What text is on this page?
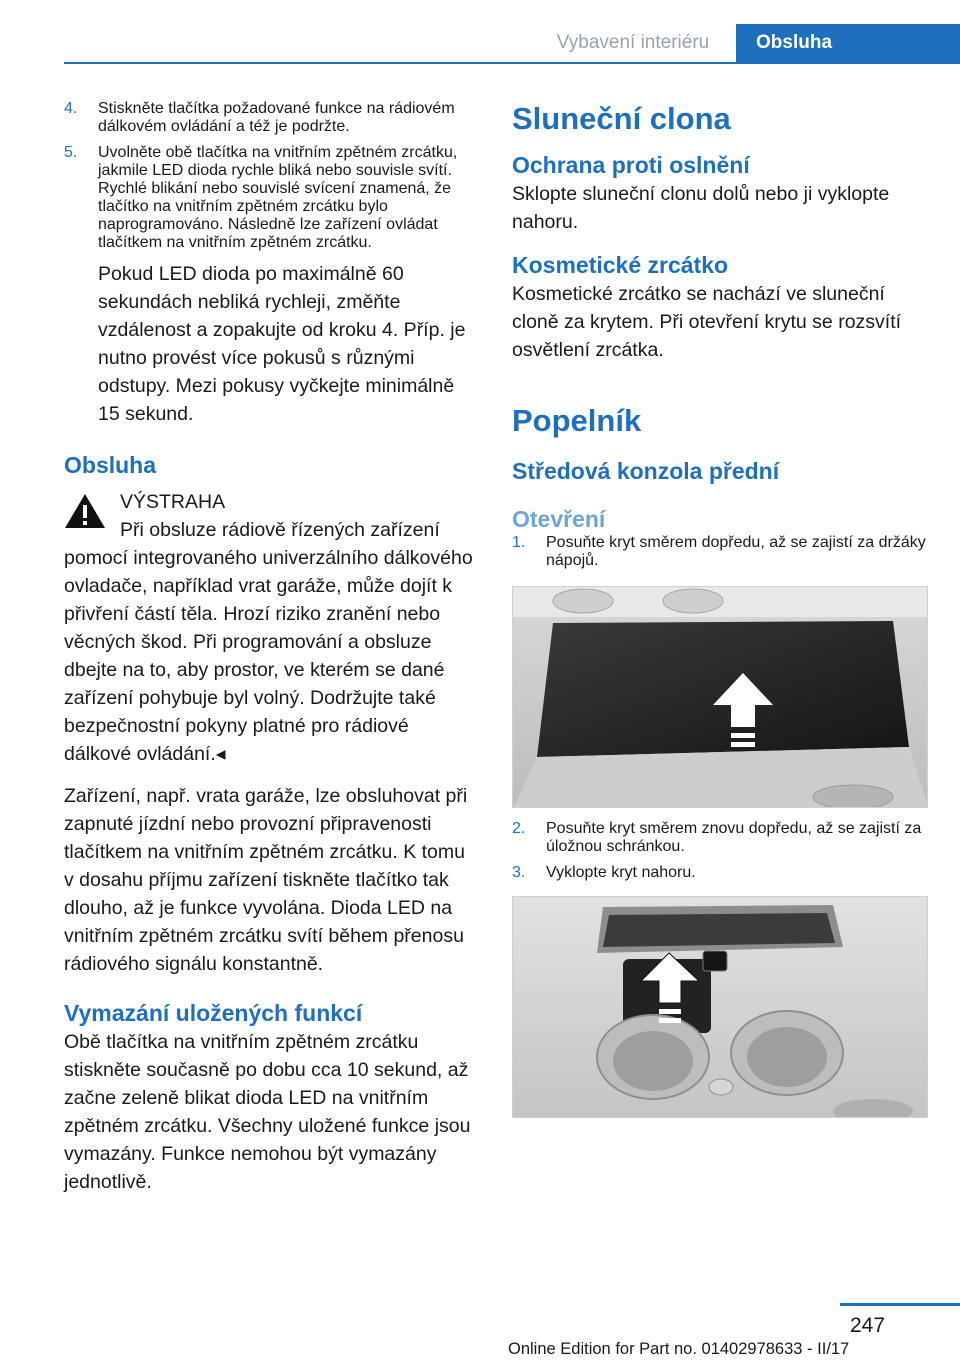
Vybavení interiéru	Obsluha
4.	Stiskněte tlačítka požadované funkce na rádiovém dálkovém ovládání a též je podržte.
5.	Uvolněte obě tlačítka na vnitřním zpětném zrcátku, jakmile LED dioda rychle bliká nebo souvisle svítí. Rychlé blikání nebo souvislé svícení znamená, že tlačítko na vnitřním zpětném zrcátku bylo naprogramováno. Následně lze zařízení ovládat tlačítkem na vnitřním zpětném zrcátku.

Pokud LED dioda po maximálně 60 sekundách nebliká rychleji, změňte vzdálenost a zopakujte od kroku 4. Příp. je nutno provést více pokusů s různými odstupy. Mezi pokusy vyčkejte minimálně 15 sekund.

Obsluha

VÝSTRAHA

Při obsluze rádiově řízených zařízení pomocí integrovaného univerzálního dálkového ovladače, například vrat garáže, může dojít k přivření částí těla. Hrozí riziko zranění nebo věcných škod. Při programování a obsluze dbejte na to, aby prostor, ve kterém se dané zařízení pohybuje byl volný. Dodržujte také bezpečnostní pokyny platné pro rádiové dálkové ovládání.◂

Zařízení, např. vrata garáže, lze obsluhovat při zapnuté jízdní nebo provozní připravenosti tlačítkem na vnitřním zpětném zrcátku. K tomu v dosahu příjmu zařízení tiskněte tlačítko tak dlouho, až je funkce vyvolána. Dioda LED na vnitřním zpětném zrcátku svítí během přenosu rádiového signálu konstantně.

Vymazání uložených funkcí

Obě tlačítka na vnitřním zpětném zrcátku stiskněte současně po dobu cca 10 sekund, až začne zeleně blikat dioda LED na vnitřním zpětném zrcátku. Všechny uložené funkce jsou vymazány. Funkce nemohou být vymazány jednotlivě.

Sluneční clona
Ochrana proti oslnění

Sklopte sluneční clonu dolů nebo ji vyklopte nahoru.

Kosmetické zrcátko

Kosmetické zrcátko se nachází ve sluneční cloně za krytem. Při otevření krytu se rozsvítí osvětlení zrcátka.

Popelník
Středová konzola přední
Otevření
1.	Posuňte kryt směrem dopředu, až se zajistí za držáky nápojů.
2.	Posuňte kryt směrem znovu dopředu, až se zajistí za úložnou schránkou.
3.	Vyklopte kryt nahoru.
247
Online Edition for Part no. 01402978633 - II/17
